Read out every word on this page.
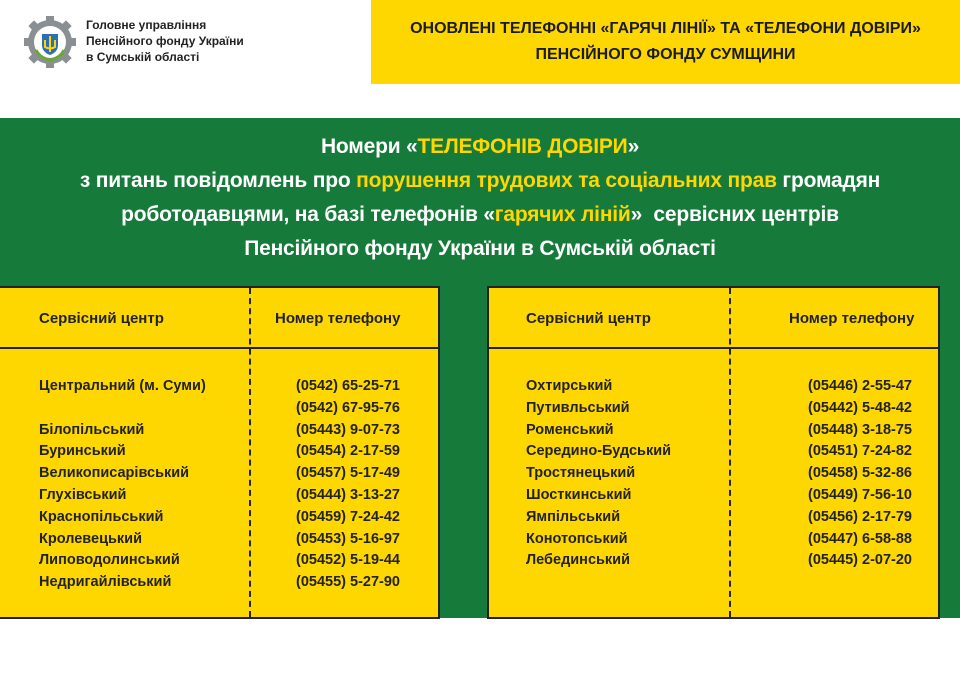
Головне управління
Пенсійного фонду України
в Сумській області
ОНОВЛЕНІ ТЕЛЕФОННІ «ГАРЯЧІ ЛІНІЇ» ТА «ТЕЛЕФОНИ ДОВІРИ»
ПЕНСІЙНОГО ФОНДУ СУМЩИНИ
Номери «ТЕЛЕФОНІВ ДОВІРИ»
з питань повідомлень про порушення трудових та соціальних прав громадян
роботодавцями, на базі телефонів «гарячих ліній»  сервісних центрів
Пенсійного фонду України в Сумській області
Сервісний центр	Номер телефону
Центральний (м. Суми)	(0542) 65-25-71
(0542) 67-95-76
Білопільський	(05443) 9-07-73
Буринський	(05454) 2-17-59
Великописарівський	(05457) 5-17-49
Глухівський	(05444) 3-13-27
Краснопільський	(05459) 7-24-42
Кролевецький	(05453) 5-16-97
Липоводолинський	(05452) 5-19-44
Недригайлівський	(05455) 5-27-90
Сервісний центр	Номер телефону
Охтирський	(05446) 2-55-47
Путивльський	(05442) 5-48-42
Роменський	(05448) 3-18-75
Середино-Будський	(05451) 7-24-82
Тростянецький	(05458) 5-32-86
Шосткинський	(05449) 7-56-10
Ямпільський	(05456) 2-17-79
Конотопський	(05447) 6-58-88
Лебединський	(05445) 2-07-20
